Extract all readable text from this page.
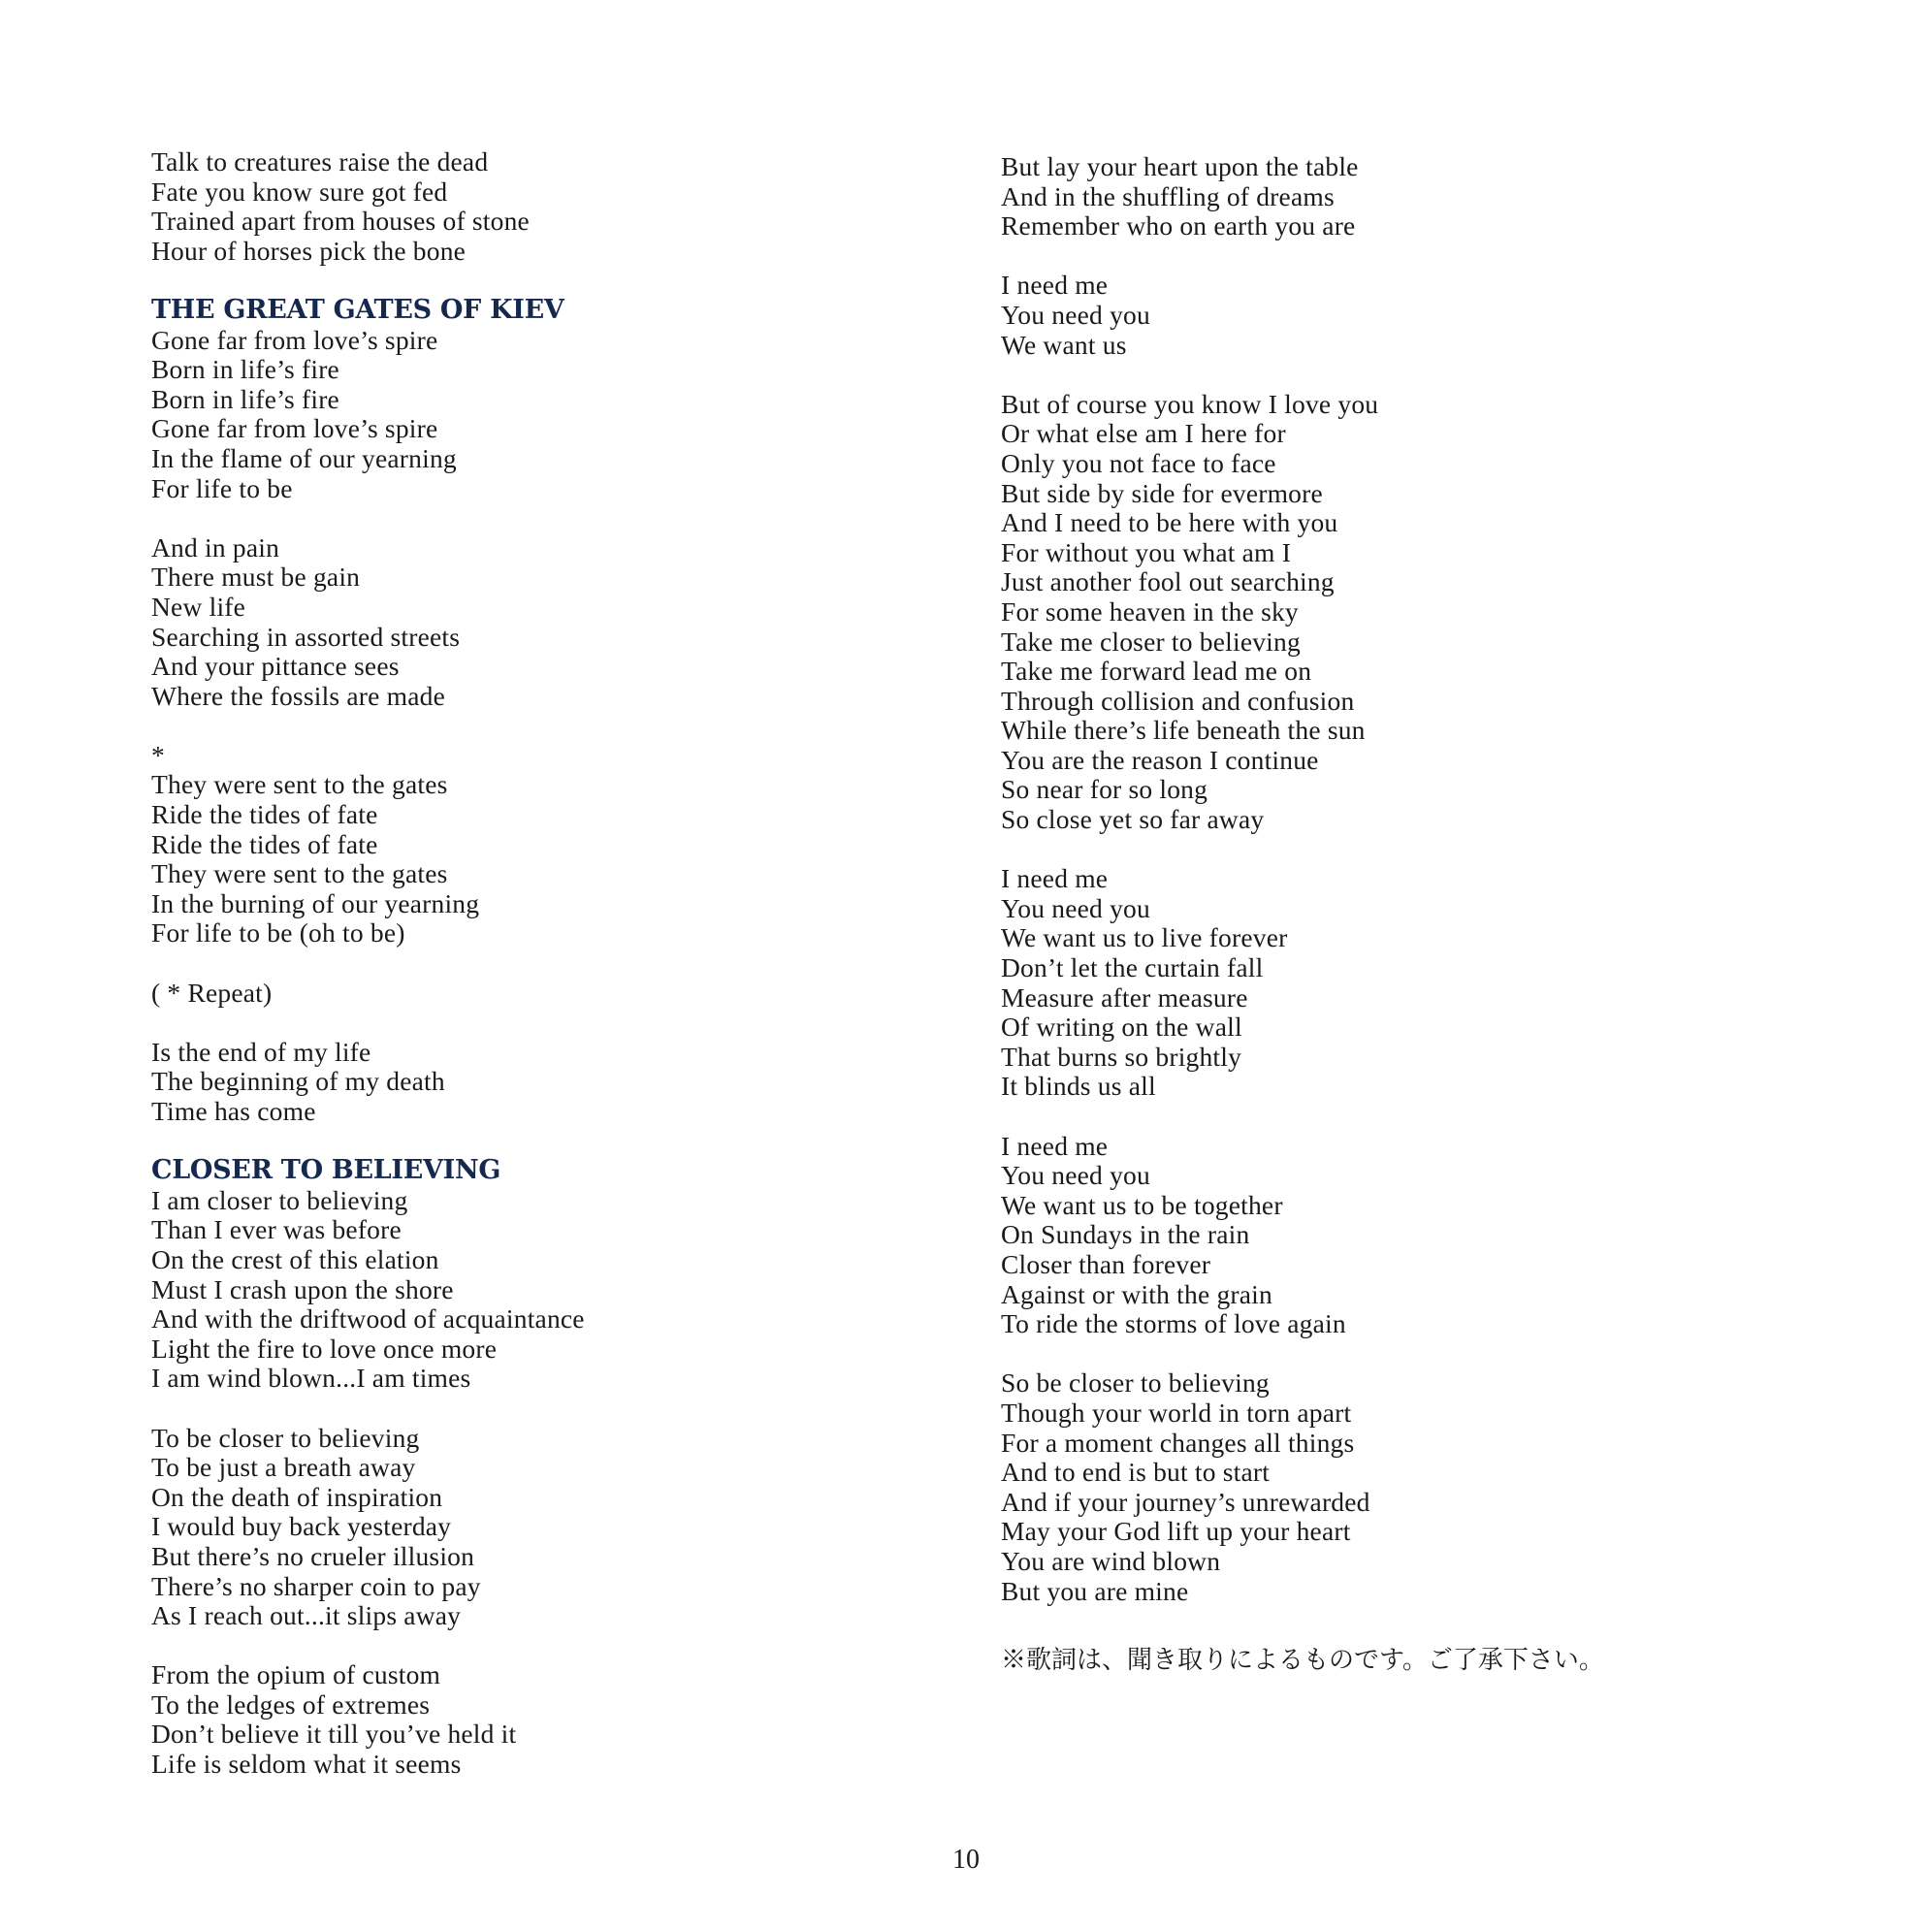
Talk to creatures raise the dead
Fate you know sure got fed
Trained apart from houses of stone
Hour of horses pick the bone
THE GREAT GATES OF KIEV
Gone far from love’s spire
Born in life’s fire
Born in life’s fire
Gone far from love’s spire
In the flame of our yearning
For life to be
And in pain
There must be gain
New life
Searching in assorted streets
And your pittance sees
Where the fossils are made
*
They were sent to the gates
Ride the tides of fate
Ride the tides of fate
They were sent to the gates
In the burning of our yearning
For life to be (oh to be)
( * Repeat)
Is the end of my life
The beginning of my death
Time has come
CLOSER TO BELIEVING
I am closer to believing
Than I ever was before
On the crest of this elation
Must I crash upon the shore
And with the driftwood of acquaintance
Light the fire to love once more
I am wind blown...I am times
To be closer to believing
To be just a breath away
On the death of inspiration
I would buy back yesterday
But there’s no crueler illusion
There’s no sharper coin to pay
As I reach out...it slips away
From the opium of custom
To the ledges of extremes
Don’t believe it till you’ve held it
Life is seldom what it seems
But lay your heart upon the table
And in the shuffling of dreams
Remember who on earth you are
I need me
You need you
We want us
But of course you know I love you
Or what else am I here for
Only you not face to face
But side by side for evermore
And I need to be here with you
For without you what am I
Just another fool out searching
For some heaven in the sky
Take me closer to believing
Take me forward lead me on
Through collision and confusion
While there’s life beneath the sun
You are the reason I continue
So near for so long
So close yet so far away
I need me
You need you
We want us to live forever
Don’t let the curtain fall
Measure after measure
Of writing on the wall
That burns so brightly
It blinds us all
I need me
You need you
We want us to be together
On Sundays in the rain
Closer than forever
Against or with the grain
To ride the storms of love again
So be closer to believing
Though your world in torn apart
For a moment changes all things
And to end is but to start
And if your journey’s unrewarded
May your God lift up your heart
You are wind blown
But you are mine
※歌詞は、聞き取りによるものです。ご了承下さい。
10
